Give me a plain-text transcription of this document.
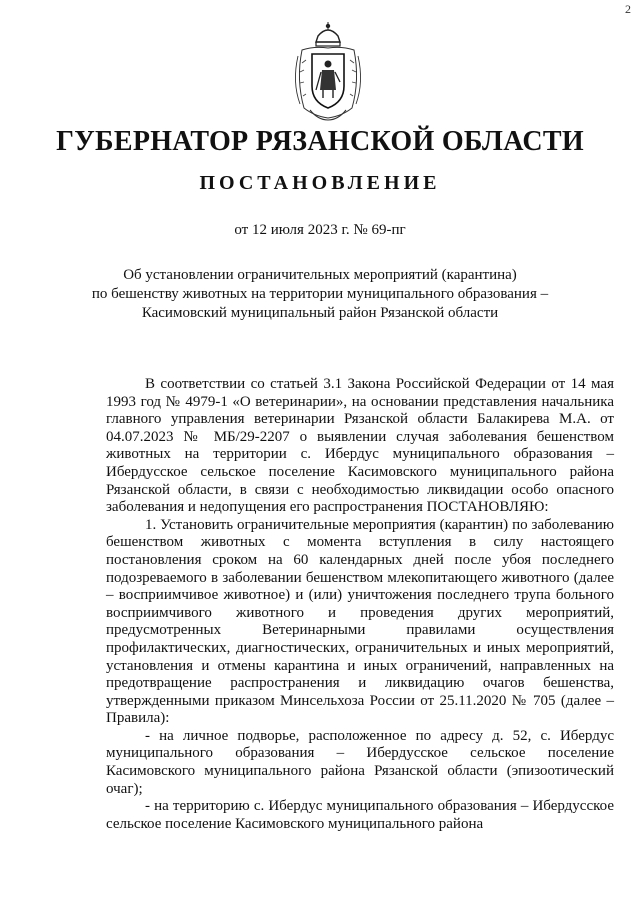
2
ГУБЕРНАТОР РЯЗАНСКОЙ ОБЛАСТИ
ПОСТАНОВЛЕНИЕ
от 12 июля 2023 г. № 69-пг
Об установлении ограничительных мероприятий (карантина)
по бешенству животных на территории муниципального образования –
Касимовский муниципальный район Рязанской области

В соответствии со статьей 3.1 Закона Российской Федерации от 14 мая 1993 год № 4979-1 «О ветеринарии», на основании представления начальника главного управления ветеринарии Рязанской области Балакирева М.А. от 04.07.2023 № МБ/29-2207 о выявлении случая заболевания бешенством животных на территории с. Ибердус муниципального образования – Ибердусское сельское поселение Касимовского муниципального района Рязанской области, в связи с необходимостью ликвидации особо опасного заболевания и недопущения его распространения ПОСТАНОВЛЯЮ:

1. Установить ограничительные мероприятия (карантин) по заболеванию бешенством животных с момента вступления в силу настоящего постановления сроком на 60 календарных дней после убоя последнего подозреваемого в заболевании бешенством млекопитающего животного (далее – восприимчивое животное) и (или) уничтожения последнего трупа больного восприимчивого животного и проведения других мероприятий, предусмотренных Ветеринарными правилами осуществления профилактических, диагностических, ограничительных и иных мероприятий, установления и отмены карантина и иных ограничений, направленных на предотвращение распространения и ликвидацию очагов бешенства, утвержденными приказом Минсельхоза России от 25.11.2020 № 705 (далее – Правила):

- на личное подворье, расположенное по адресу д. 52, с. Ибердус муниципального образования – Ибердусское сельское поселение Касимовского муниципального района Рязанской области (эпизоотический очаг);

- на территорию с. Ибердус муниципального образования – Ибердусское сельское поселение Касимовского муниципального района
